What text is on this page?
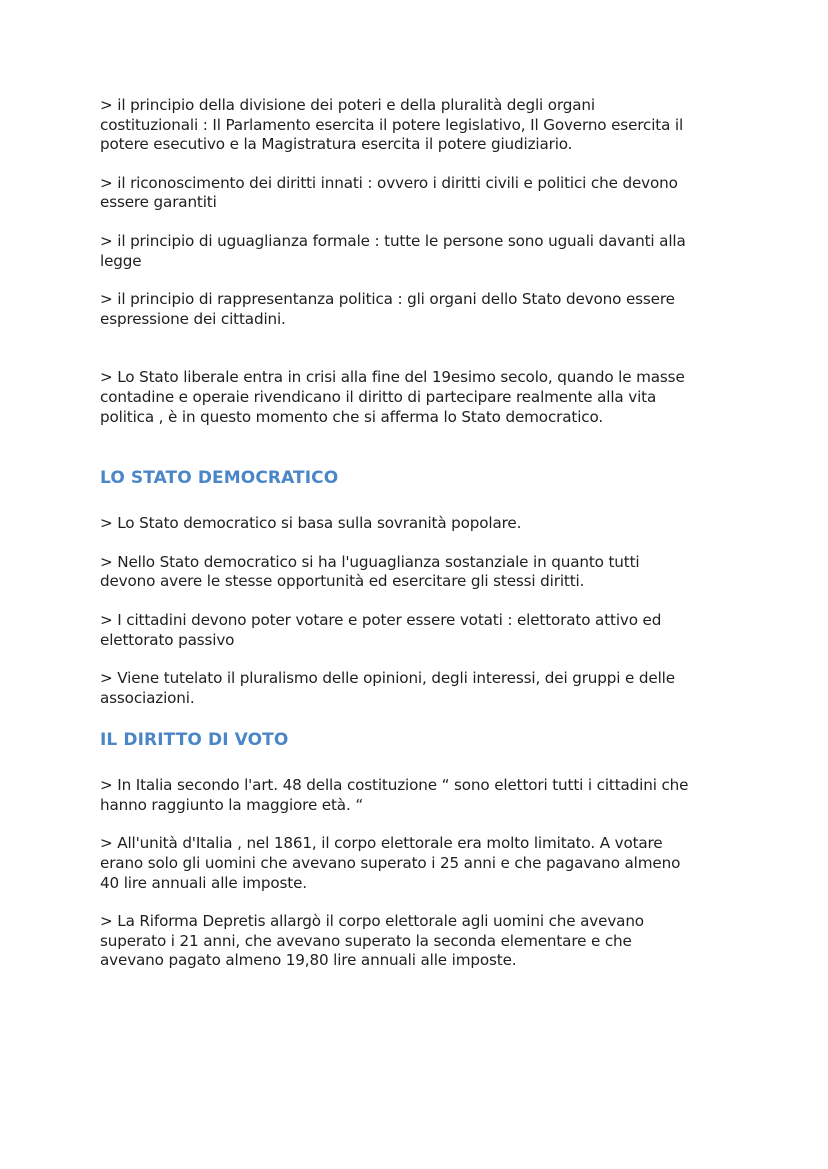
> il principio della divisione dei poteri e della pluralità degli organi
costituzionali : Il Parlamento esercita il potere legislativo, Il Governo esercita il
potere esecutivo e la Magistratura esercita il potere giudiziario.

> il riconoscimento dei diritti innati : ovvero i diritti civili e politici che devono
essere garantiti

> il principio di uguaglianza formale : tutte le persone sono uguali davanti alla
legge

> il principio di rappresentanza politica : gli organi dello Stato devono essere
espressione dei cittadini.

> Lo Stato liberale entra in crisi alla fine del 19esimo secolo, quando le masse
contadine e operaie rivendicano il diritto di partecipare realmente alla vita
politica , è in questo momento che si afferma lo Stato democratico.

LO STATO DEMOCRATICO

> Lo Stato democratico si basa sulla sovranità popolare.

> Nello Stato democratico si ha l'uguaglianza sostanziale in quanto tutti
devono avere le stesse opportunità ed esercitare gli stessi diritti.

> I cittadini devono poter votare e poter essere votati : elettorato attivo ed
elettorato passivo

> Viene tutelato il pluralismo delle opinioni, degli interessi, dei gruppi e delle
associazioni.

IL DIRITTO DI VOTO

> In Italia secondo l'art. 48 della costituzione “ sono elettori tutti i cittadini che
hanno raggiunto la maggiore età. “

> All'unità d'Italia , nel 1861, il corpo elettorale era molto limitato. A votare
erano solo gli uomini che avevano superato i 25 anni e che pagavano almeno
40 lire annuali alle imposte.

> La Riforma Depretis allargò il corpo elettorale agli uomini che avevano
superato i 21 anni, che avevano superato la seconda elementare e che
avevano pagato almeno 19,80 lire annuali alle imposte.
